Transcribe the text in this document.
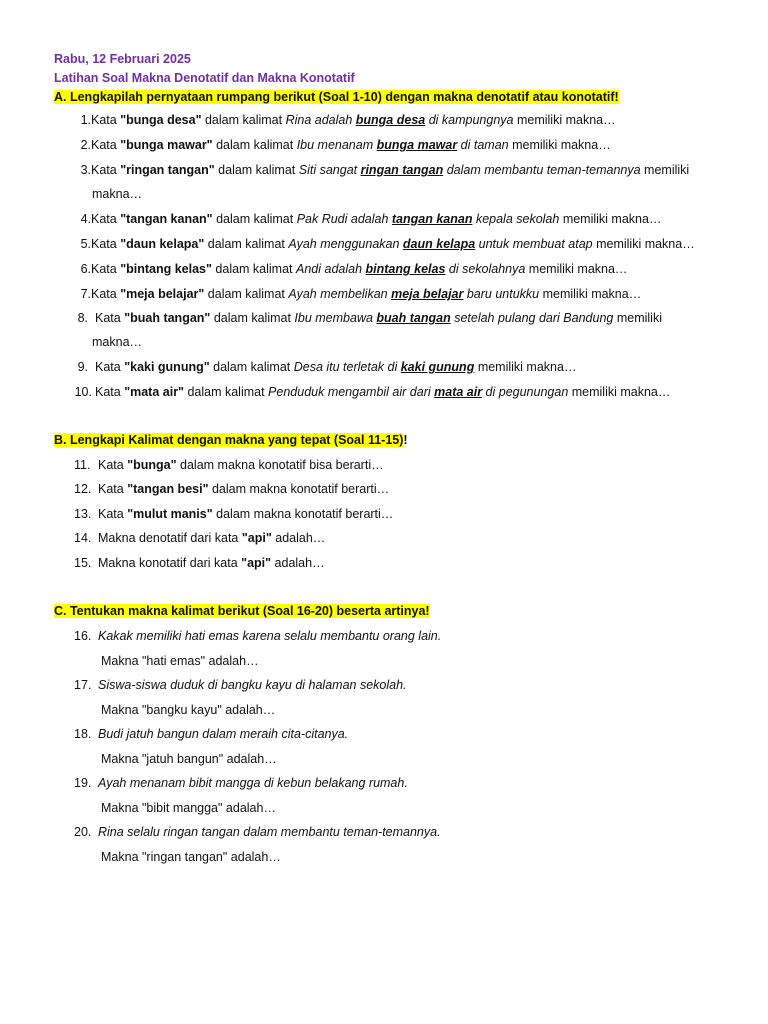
Rabu, 12 Februari 2025
Latihan Soal Makna Denotatif dan Makna Konotatif
A. Lengkapilah pernyataan rumpang berikut (Soal 1-10) dengan makna denotatif atau konotatif!
1. Kata "bunga desa" dalam kalimat Rina adalah bunga desa di kampungnya memiliki makna…
2. Kata "bunga mawar" dalam kalimat Ibu menanam bunga mawar di taman memiliki makna…
3. Kata "ringan tangan" dalam kalimat Siti sangat ringan tangan dalam membantu teman-temannya memiliki
makna…
4. Kata "tangan kanan" dalam kalimat Pak Rudi adalah tangan kanan kepala sekolah memiliki makna…
5. Kata "daun kelapa" dalam kalimat Ayah menggunakan daun kelapa untuk membuat atap memiliki makna…
6. Kata "bintang kelas" dalam kalimat Andi adalah bintang kelas di sekolahnya memiliki makna…
7. Kata "meja belajar" dalam kalimat Ayah membelikan meja belajar baru untukku memiliki makna…
8. Kata "buah tangan" dalam kalimat Ibu membawa buah tangan setelah pulang dari Bandung memiliki
makna…
9. Kata "kaki gunung" dalam kalimat Desa itu terletak di kaki gunung memiliki makna…
10. Kata "mata air" dalam kalimat Penduduk mengambil air dari mata air di pegunungan memiliki makna…
B. Lengkapi Kalimat dengan makna yang tepat (Soal 11-15)!
11. Kata "bunga" dalam makna konotatif bisa berarti…
12. Kata "tangan besi" dalam makna konotatif berarti…
13. Kata "mulut manis" dalam makna konotatif berarti…
14. Makna denotatif dari kata "api" adalah…
15. Makna konotatif dari kata "api" adalah…
C. Tentukan makna kalimat berikut (Soal 16-20) beserta artinya!
16. Kakak memiliki hati emas karena selalu membantu orang lain.
Makna "hati emas" adalah…
17. Siswa-siswa duduk di bangku kayu di halaman sekolah.
Makna "bangku kayu" adalah…
18. Budi jatuh bangun dalam meraih cita-citanya.
Makna "jatuh bangun" adalah…
19. Ayah menanam bibit mangga di kebun belakang rumah.
Makna "bibit mangga" adalah…
20. Rina selalu ringan tangan dalam membantu teman-temannya.
Makna "ringan tangan" adalah…
